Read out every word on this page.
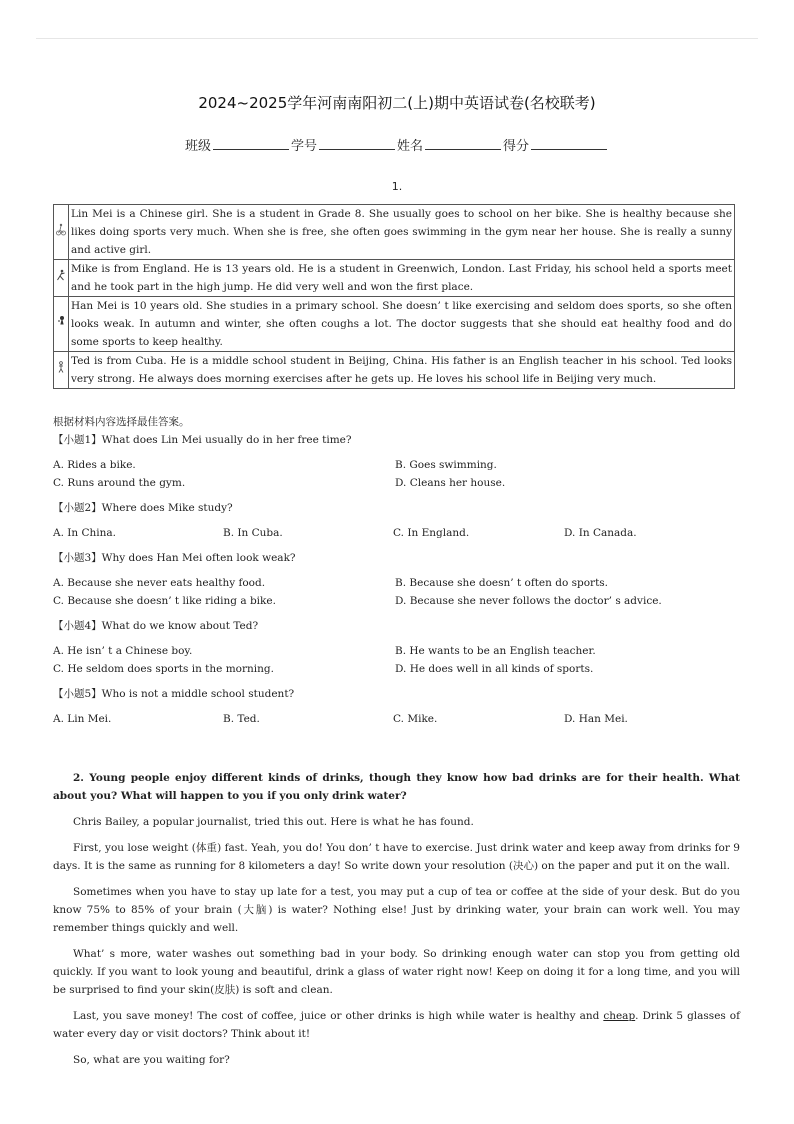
2024~2025学年河南南阳初二(上)期中英语试卷(名校联考)
班级	学号	姓名	得分
1.
	Lin Mei is a Chinese girl. She is a student in Grade 8. She usually goes to school on her bike. She is healthy because she likes doing sports very much. When she is free, she often goes swimming in the gym near her house. She is really a sunny and active girl.
	Mike is from England. He is 13 years old. He is a student in Greenwich, London. Last Friday, his school held a sports meet and he took part in the high jump. He did very well and won the first place.
	Han Mei is 10 years old. She studies in a primary school. She doesn’ t like exercising and seldom does sports, so she often looks weak. In autumn and winter, she often coughs a lot. The doctor suggests that she should eat healthy food and do some sports to keep healthy.
	Ted is from Cuba. He is a middle school student in Beijing, China. His father is an English teacher in his school. Ted looks very strong. He always does morning exercises after he gets up. He loves his school life in Beijing very much.
根据材料内容选择最佳答案。
【小题1】What does Lin Mei usually do in her free time?
A. Rides a bike.	B. Goes swimming.
C. Runs around the gym.	D. Cleans her house.
【小题2】Where does Mike study?
A. In China.	B. In Cuba.	C. In England.	D. In Canada.
【小题3】Why does Han Mei often look weak?
A. Because she never eats healthy food.	B. Because she doesn’ t often do sports.
C. Because she doesn’ t like riding a bike.	D. Because she never follows the doctor’ s advice.
【小题4】What do we know about Ted?
A. He isn’ t a Chinese boy.	B. He wants to be an English teacher.
C. He seldom does sports in the morning.	D. He does well in all kinds of sports.
【小题5】Who is not a middle school student?
A. Lin Mei.	B. Ted.	C. Mike.	D. Han Mei.

2. Young people enjoy different kinds of drinks, though they know how bad drinks are for their health. What about you? What will happen to you if you only drink water?

Chris Bailey, a popular journalist, tried this out. Here is what he has found.

First, you lose weight (体重) fast. Yeah, you do! You don’ t have to exercise. Just drink water and keep away from drinks for 9 days. It is the same as running for 8 kilometers a day! So write down your resolution (决心) on the paper and put it on the wall.

Sometimes when you have to stay up late for a test, you may put a cup of tea or coffee at the side of your desk. But do you know 75% to 85% of your brain (大脑) is water? Nothing else! Just by drinking water, your brain can work well. You may remember things quickly and well.

What’ s more, water washes out something bad in your body. So drinking enough water can stop you from getting old quickly. If you want to look young and beautiful, drink a glass of water right now! Keep on doing it for a long time, and you will be surprised to find your skin(皮肤) is soft and clean.

Last, you save money! The cost of coffee, juice or other drinks is high while water is healthy and cheap. Drink 5 glasses of water every day or visit doctors? Think about it!

So, what are you waiting for?
